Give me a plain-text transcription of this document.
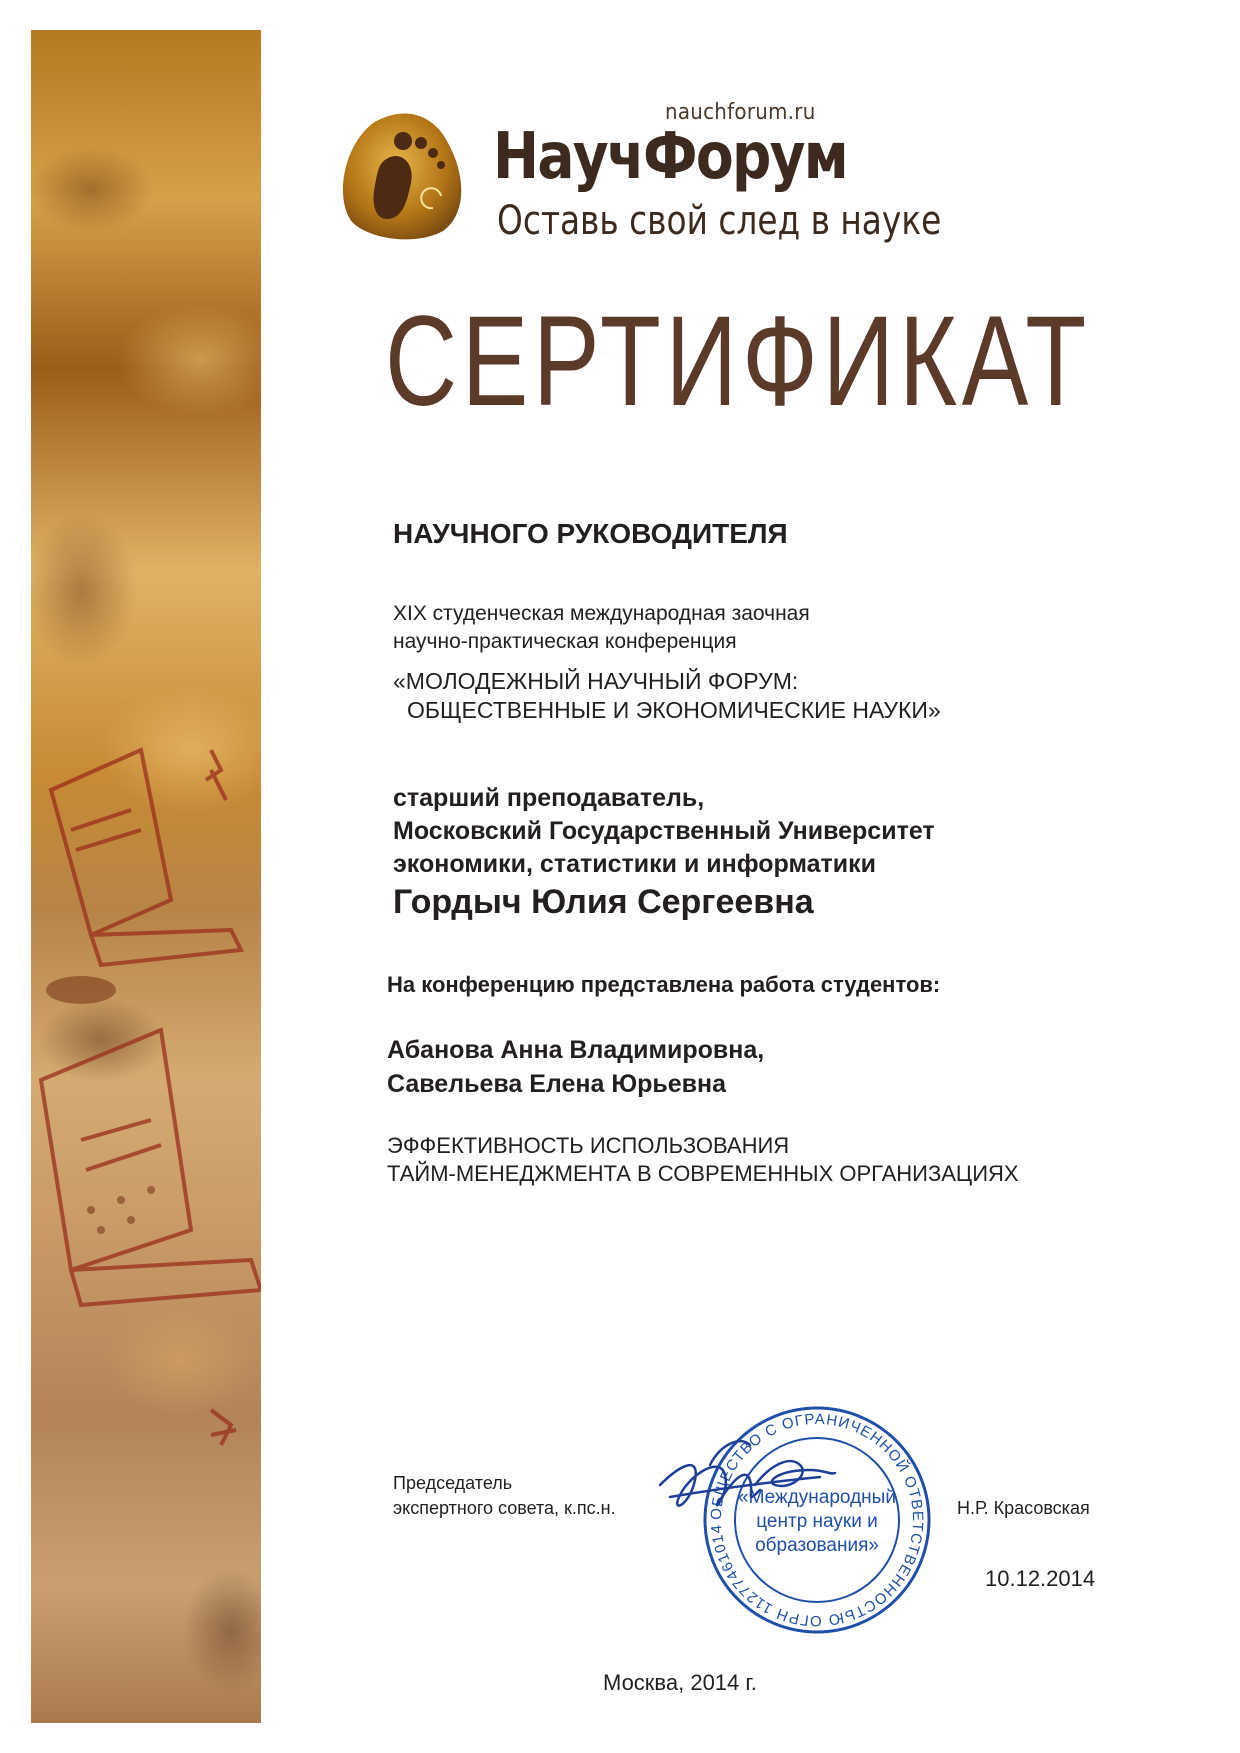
nauchforum.ru
НаучФорум
Оставь свой след в науке
СЕРТИФИКАТ
НАУЧНОГО РУКОВОДИТЕЛЯ
XIX студенческая международная заочная
научно-практическая конференция
«МОЛОДЕЖНЫЙ НАУЧНЫЙ ФОРУМ:
ОБЩЕСТВЕННЫЕ И ЭКОНОМИЧЕСКИЕ НАУКИ»
старший преподаватель,
Московский Государственный Университет
экономики, статистики и информатики
Гордыч Юлия Сергеевна
На конференцию представлена работа студентов:
Абанова Анна Владимировна,
Савельева Елена Юрьевна
ЭФФЕКТИВНОСТЬ ИСПОЛЬЗОВАНИЯ
ТАЙМ-МЕНЕДЖМЕНТА В СОВРЕМЕННЫХ ОРГАНИЗАЦИЯХ
Председатель
экспертного совета, к.пс.н.	ОБЩЕСТВО С ОГРАНИЧЕННОЙ ОТВЕТСТВЕННОСТЬЮ ОГРН 11277461014
«Международный
центр науки и
образования»
Н.Р. Красовская
10.12.2014
Москва, 2014 г.
